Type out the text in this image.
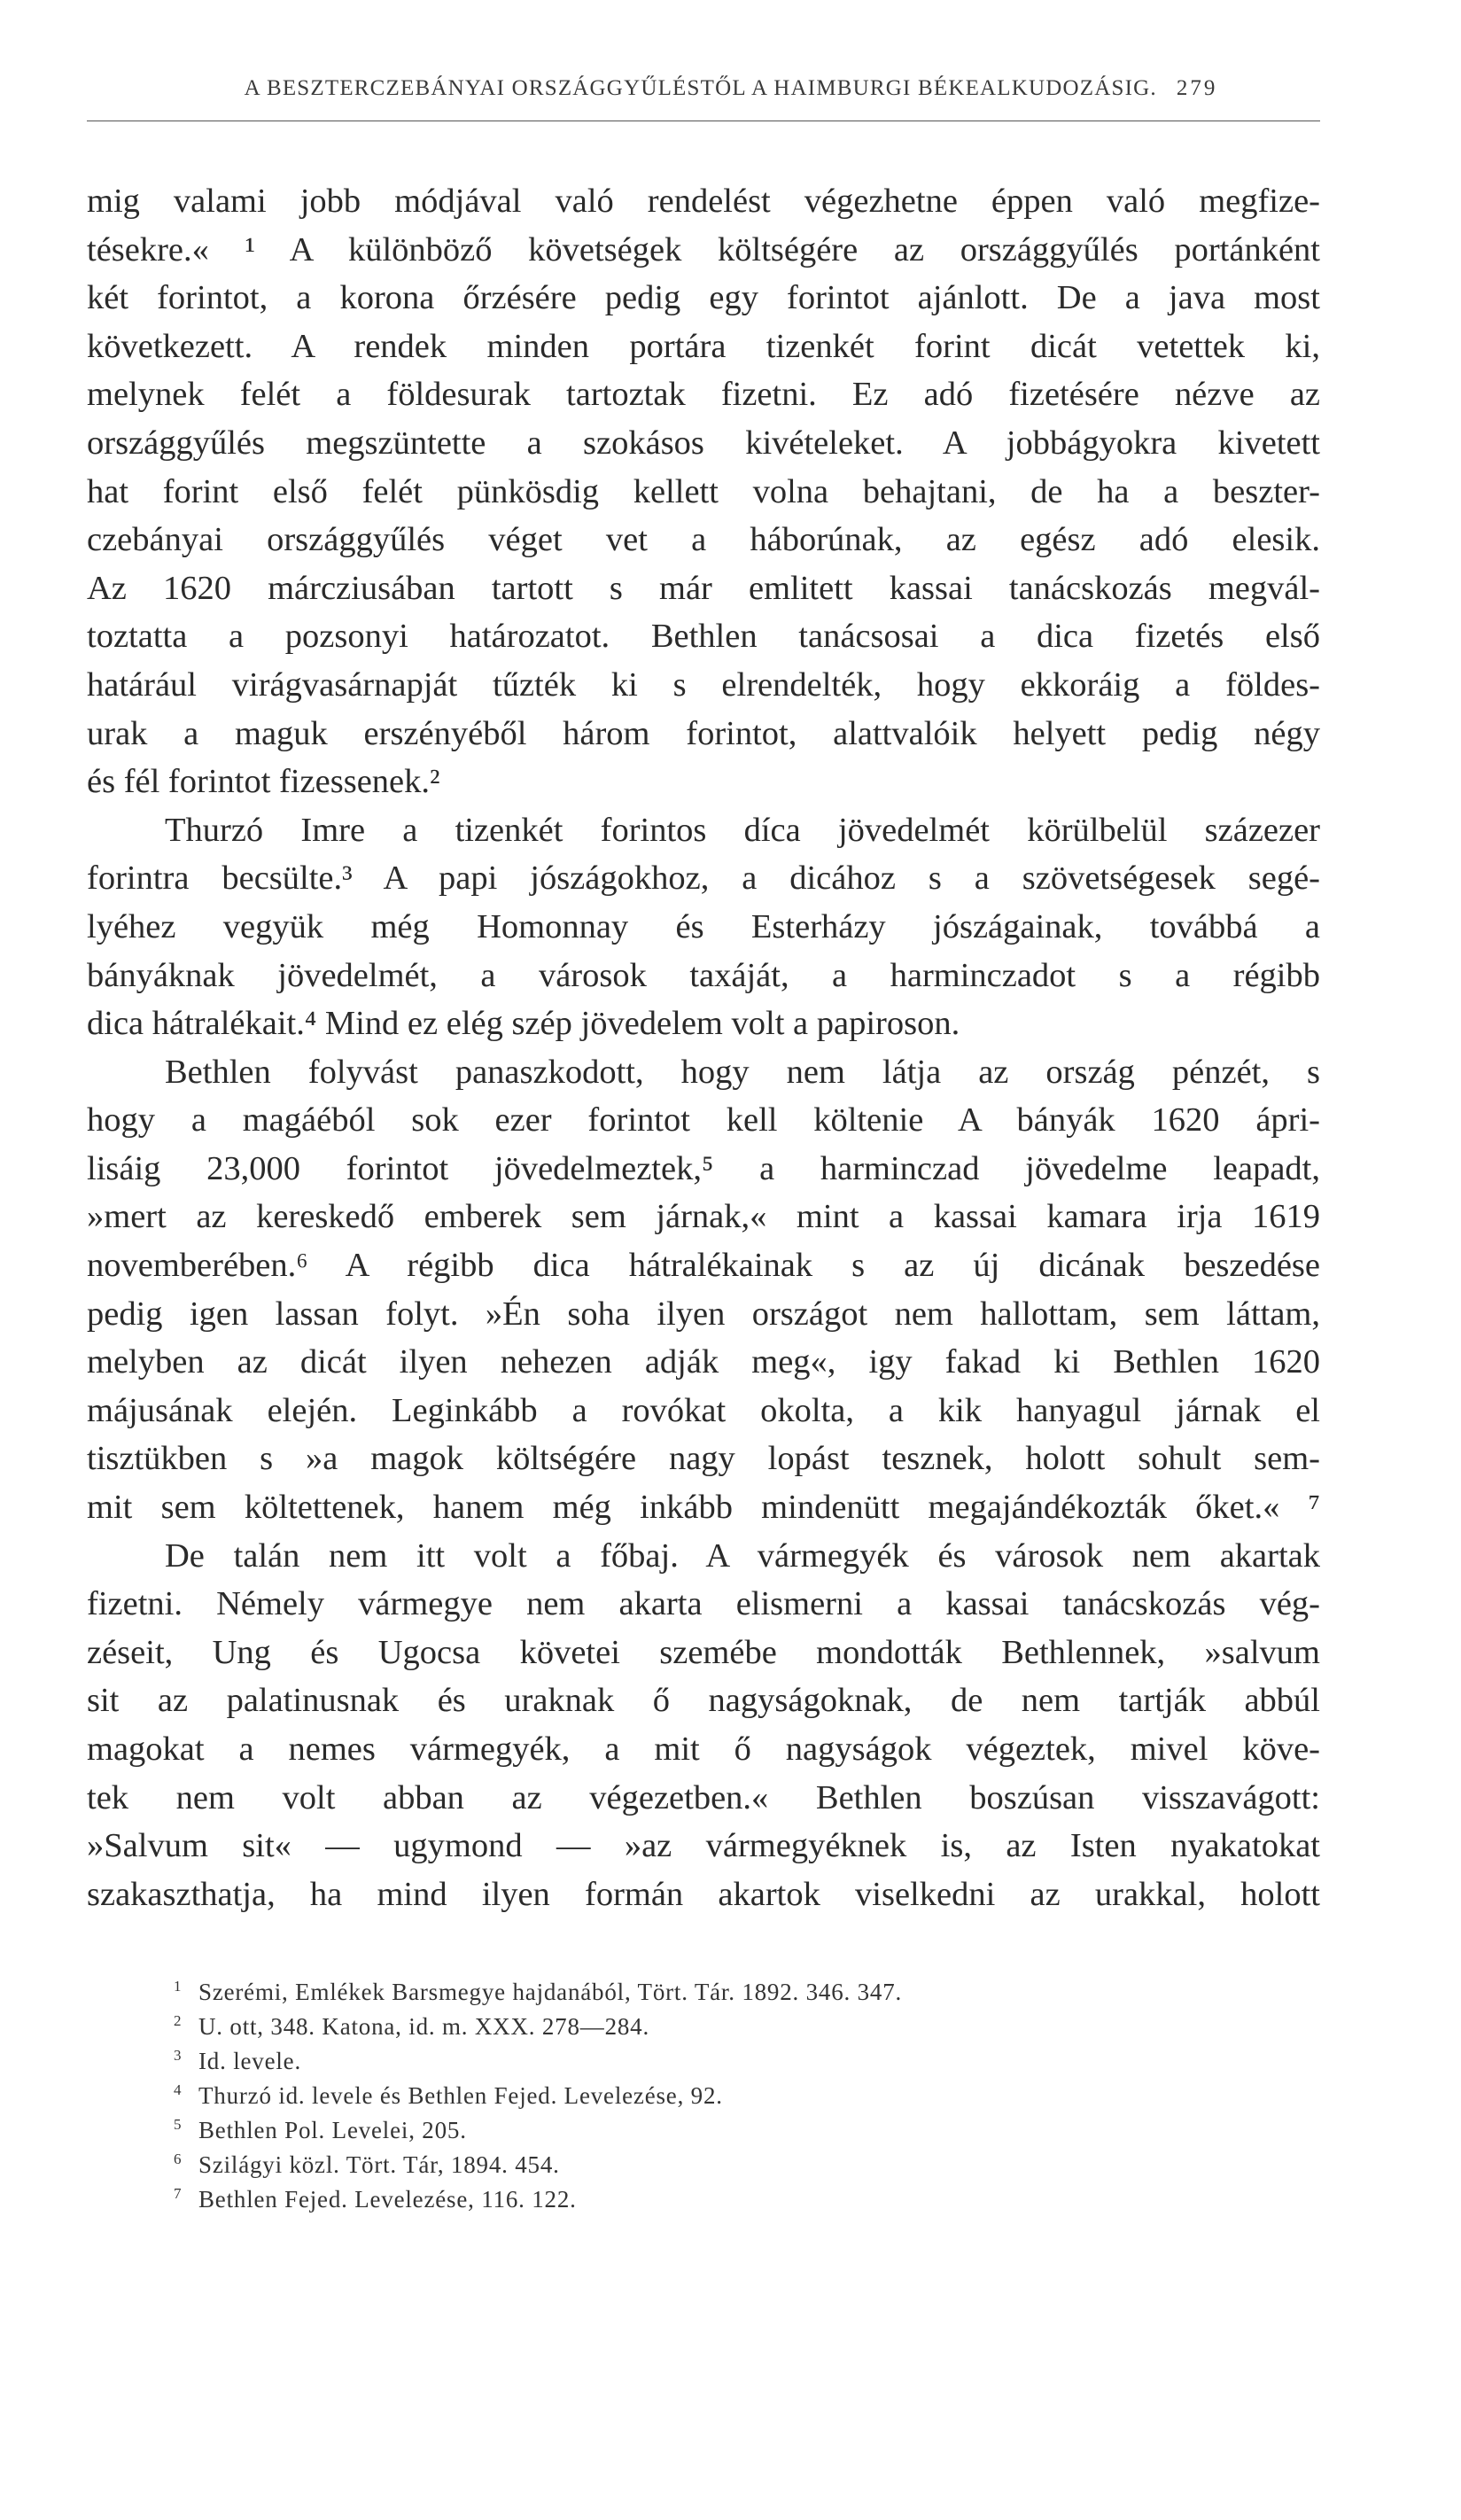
A BESZTERCZEBÁNYAI ORSZÁGGYŰLÉSTŐL A HAIMBURGI BÉKEALKUDOZÁSIG. 279
mig valami jobb módjával való rendelést végezhetne éppen való megfize-
tésekre.« ¹ A különböző követségek költségére az országgyűlés portánként
két forintot, a korona őrzésére pedig egy forintot ajánlott. De a java most
következett. A rendek minden portára tizenkét forint dicát vetettek ki,
melynek felét a földesurak tartoztak fizetni. Ez adó fizetésére nézve az
országgyűlés megszüntette a szokásos kivételeket. A jobbágyokra kivetett
hat forint első felét pünkösdig kellett volna behajtani, de ha a beszter-
czebányai országgyűlés véget vet a háborúnak, az egész adó elesik.
Az 1620 márcziusában tartott s már emlitett kassai tanácskozás megvál-
toztatta a pozsonyi határozatot. Bethlen tanácsosai a dica fizetés első
határául virágvasárnapját tűzték ki s elrendelték, hogy ekkoráig a földes-
urak a maguk erszényéből három forintot, alattvalóik helyett pedig négy
és fél forintot fizessenek.²
Thurzó Imre a tizenkét forintos díca jövedelmét körülbelül százezer
forintra becsülte.³ A papi jószágokhoz, a dicához s a szövetségesek segé-
lyéhez vegyük még Homonnay és Esterházy jószágainak, továbbá a
bányáknak jövedelmét, a városok taxáját, a harminczadot s a régibb
dica hátralékait.⁴ Mind ez elég szép jövedelem volt a papiroson.
Bethlen folyvást panaszkodott, hogy nem látja az ország pénzét, s
hogy a magáéból sok ezer forintot kell költenie A bányák 1620 ápri-
lisáig 23,000 forintot jövedelmeztek,⁵ a harminczad jövedelme leapadt,
»mert az kereskedő emberek sem járnak,« mint a kassai kamara irja 1619
novemberében.⁶ A régibb dica hátralékainak s az új dicának beszedése
pedig igen lassan folyt. »Én soha ilyen országot nem hallottam, sem láttam,
melyben az dicát ilyen nehezen adják meg«, igy fakad ki Bethlen 1620
májusának elején. Leginkább a rovókat okolta, a kik hanyagul járnak el
tisztükben s »a magok költségére nagy lopást tesznek, holott sohult sem-
mit sem költettenek, hanem még inkább mindenütt megajándékozták őket.« ⁷
De talán nem itt volt a főbaj. A vármegyék és városok nem akartak
fizetni. Némely vármegye nem akarta elismerni a kassai tanácskozás vég-
zéseit, Ung és Ugocsa követei szemébe mondották Bethlennek, »salvum
sit az palatinusnak és uraknak ő nagyságoknak, de nem tartják abbúl
magokat a nemes vármegyék, a mit ő nagyságok végeztek, mivel köve-
tek nem volt abban az végezetben.« Bethlen boszúsan visszavágott:
»Salvum sit« — ugymond — »az vármegyéknek is, az Isten nyakatokat
szakaszthatja, ha mind ilyen formán akartok viselkedni az urakkal, holott
1 Szerémi, Emlékek Barsmegye hajdanából, Tört. Tár. 1892. 346. 347.
2 U. ott, 348. Katona, id. m. XXX. 278—284.
3 Id. levele.
4 Thurzó id. levele és Bethlen Fejed. Levelezése, 92.
5 Bethlen Pol. Levelei, 205.
6 Szilágyi közl. Tört. Tár, 1894. 454.
7 Bethlen Fejed. Levelezése, 116. 122.
